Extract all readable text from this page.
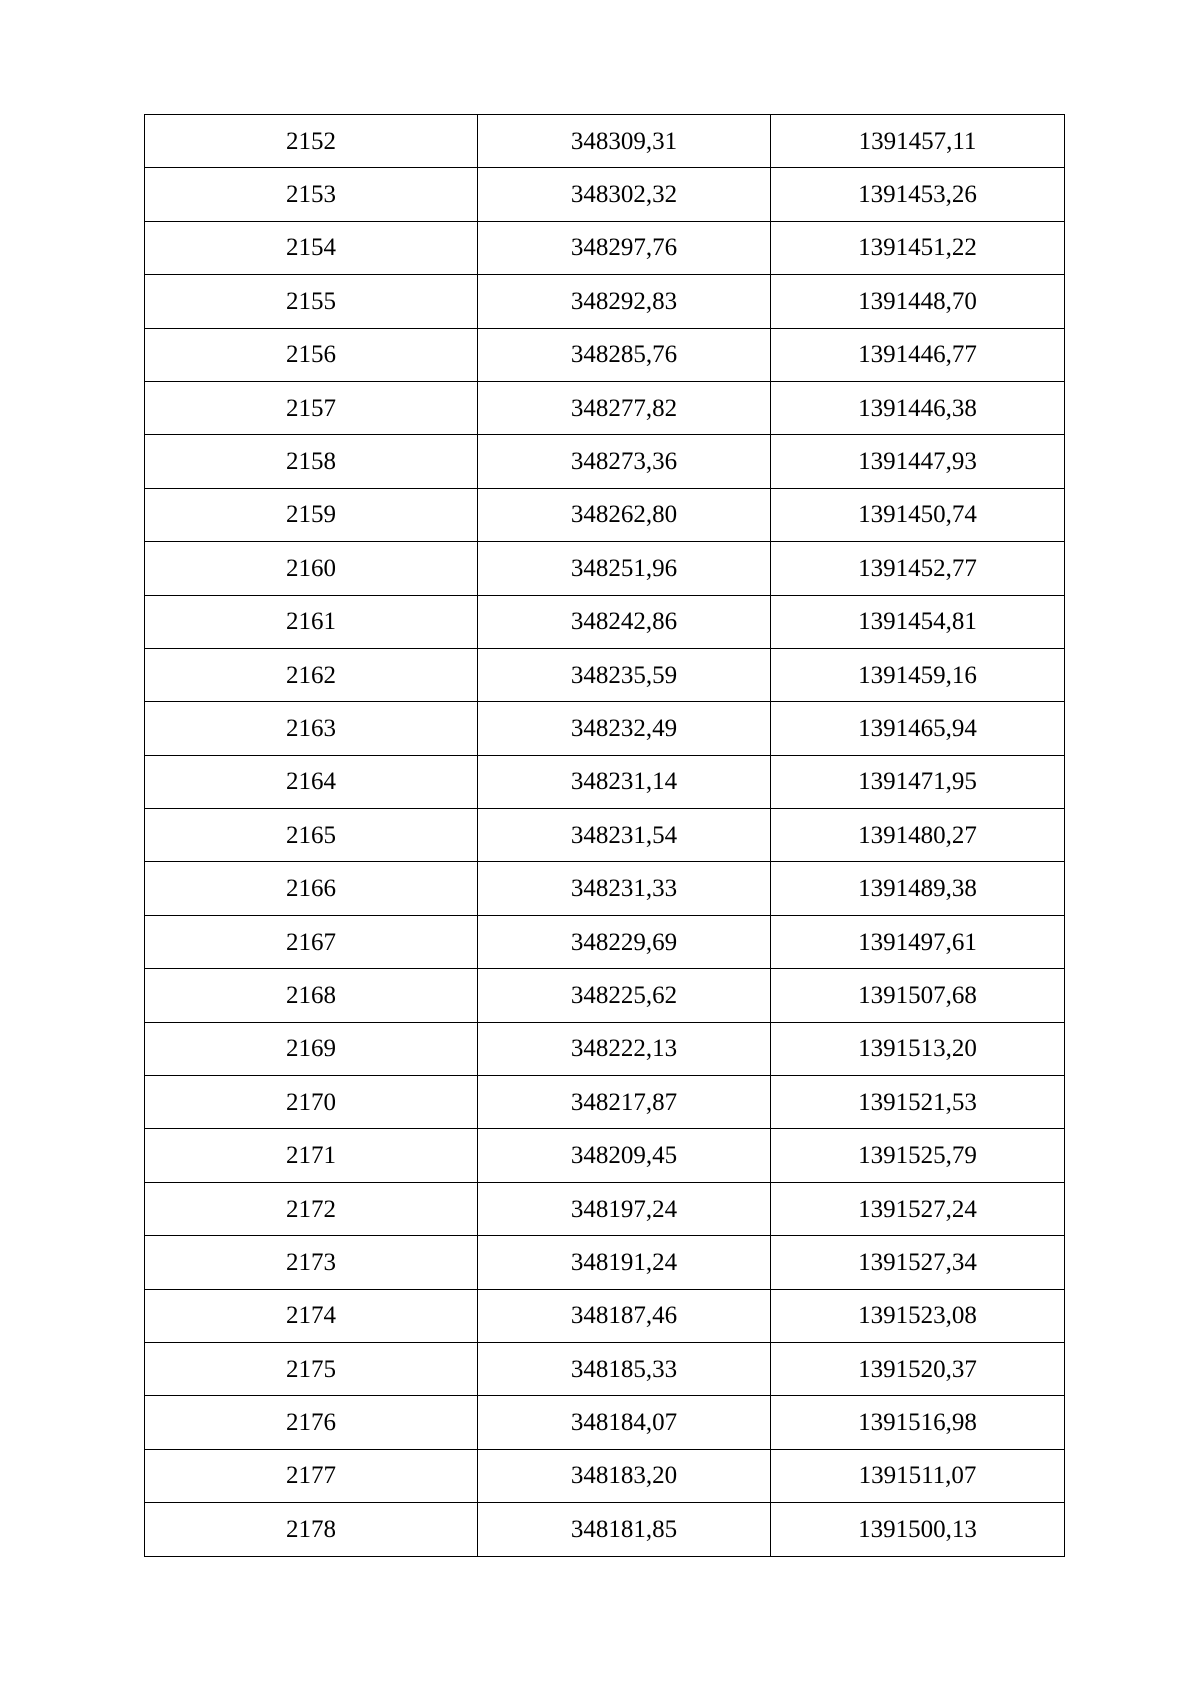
2152	348309,31	1391457,11
2153	348302,32	1391453,26
2154	348297,76	1391451,22
2155	348292,83	1391448,70
2156	348285,76	1391446,77
2157	348277,82	1391446,38
2158	348273,36	1391447,93
2159	348262,80	1391450,74
2160	348251,96	1391452,77
2161	348242,86	1391454,81
2162	348235,59	1391459,16
2163	348232,49	1391465,94
2164	348231,14	1391471,95
2165	348231,54	1391480,27
2166	348231,33	1391489,38
2167	348229,69	1391497,61
2168	348225,62	1391507,68
2169	348222,13	1391513,20
2170	348217,87	1391521,53
2171	348209,45	1391525,79
2172	348197,24	1391527,24
2173	348191,24	1391527,34
2174	348187,46	1391523,08
2175	348185,33	1391520,37
2176	348184,07	1391516,98
2177	348183,20	1391511,07
2178	348181,85	1391500,13
